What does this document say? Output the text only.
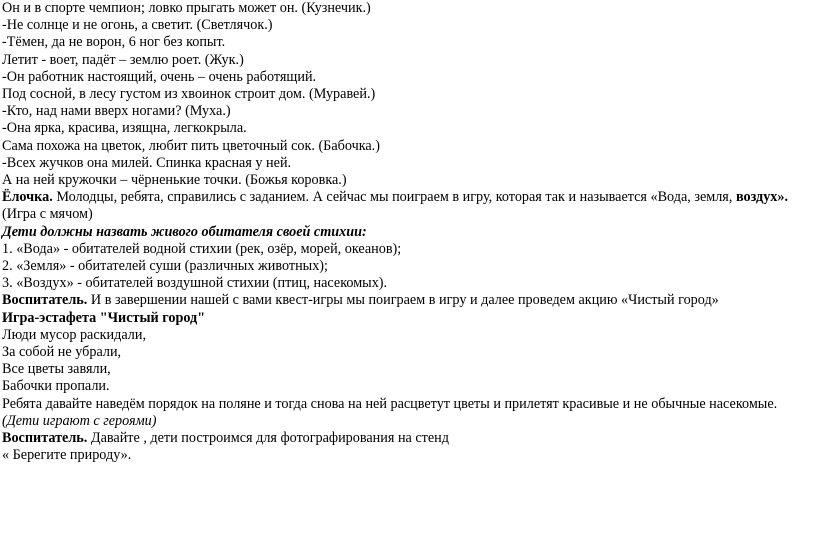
Он и в спорте чемпион; ловко прыгать может он. (Кузнечик.)
-Не солнце и не огонь, а светит. (Светлячок.)
-Тёмен, да не ворон, 6 ног без копыт.
Летит - воет, падёт – землю роет. (Жук.)
-Он работник настоящий, очень – очень работящий.
Под сосной, в лесу густом из хвоинок строит дом. (Муравей.)
-Кто, над нами вверх ногами? (Муха.)
-Она ярка, красива, изящна, легкокрыла.
Сама похожа на цветок, любит пить цветочный сок. (Бабочка.)
-Всех жучков она милей. Спинка красная у ней.
А на ней кружочки – чёрненькие точки. (Божья коровка.)
Ёлочка. Молодцы, ребята, справились с заданием. А сейчас мы поиграем в игру, которая так и называется «Вода, земля, воздух».(Игра с мячом)
Дети должны назвать живого обитателя своей стихии:
1. «Вода» - обитателей водной стихии (рек, озёр, морей, океанов);
2. «Земля» - обитателей суши (различных животных);
3. «Воздух» - обитателей воздушной стихии (птиц, насекомых).
Воспитатель. И в завершении нашей с вами квест-игры мы поиграем в игру и далее проведем акцию «Чистый город»
Игра-эстафета "Чистый город"
Люди мусор раскидали,
За собой не убрали,
Все цветы завяли,
Бабочки пропали.
Ребята давайте наведём порядок на поляне и тогда снова на ней расцветут цветы и прилетят красивые и не обычные насекомые.(Дети играют с героями)
Воспитатель. Давайте , дети построимся для фотографирования на стенд
« Берегите природу».
